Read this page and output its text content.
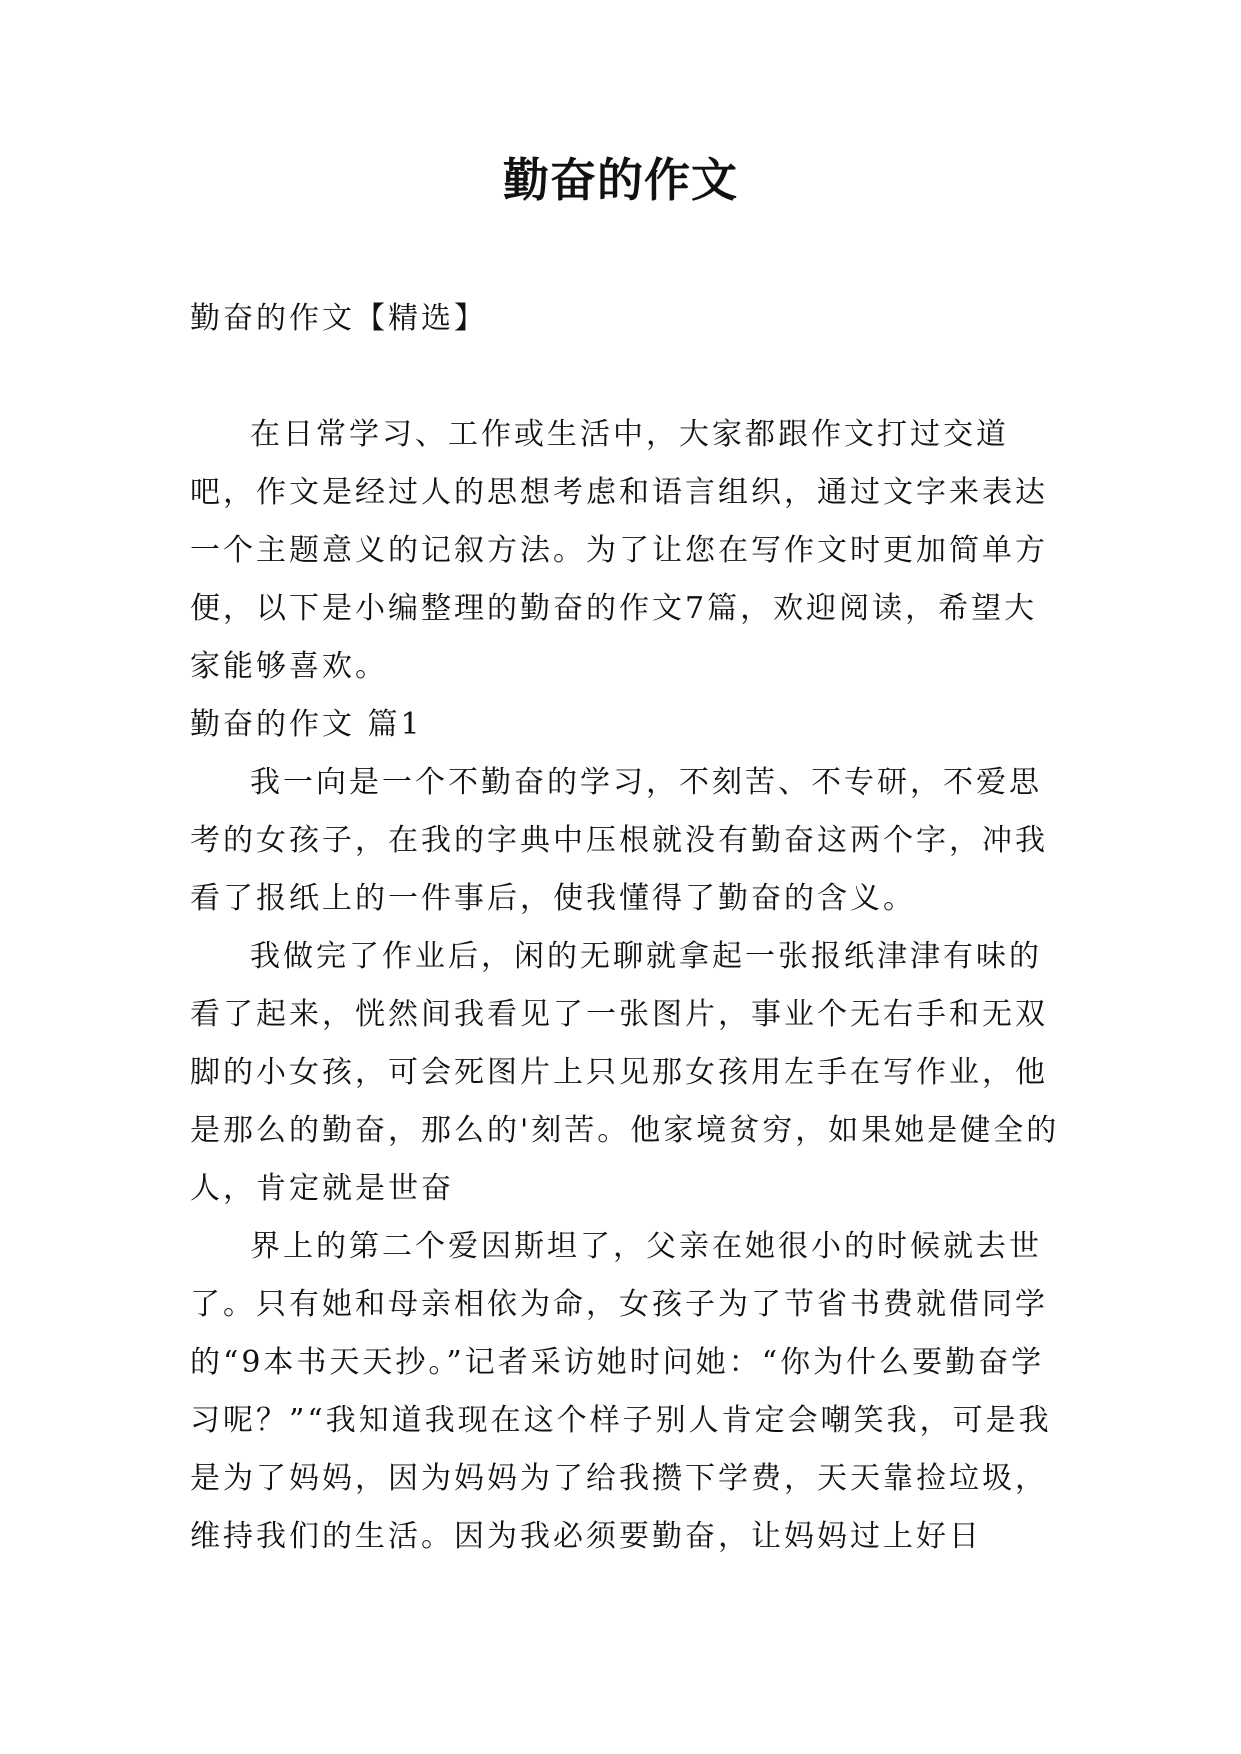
勤奋的作文

勤奋的作文【精选】

在日常学习、工作或生活中，大家都跟作文打过交道吧，作文是经过人的思想考虑和语言组织，通过文字来表达一个主题意义的记叙方法。为了让您在写作文时更加简单方便，以下是小编整理的勤奋的作文7篇，欢迎阅读，希望大家能够喜欢。

勤奋的作文 篇1

我一向是一个不勤奋的学习，不刻苦、不专研，不爱思考的女孩子，在我的字典中压根就没有勤奋这两个字，冲我看了报纸上的一件事后，使我懂得了勤奋的含义。

我做完了作业后，闲的无聊就拿起一张报纸津津有味的看了起来，恍然间我看见了一张图片，事业个无右手和无双脚的小女孩，可会死图片上只见那女孩用左手在写作业，他是那么的勤奋，那么的'刻苦。他家境贫穷，如果她是健全的人，肯定就是世奋

界上的第二个爱因斯坦了，父亲在她很小的时候就去世了。只有她和母亲相依为命，女孩子为了节省书费就借同学的“9本书天天抄。”记者采访她时问她：“你为什么要勤奋学习呢？”“我知道我现在这个样子别人肯定会嘲笑我，可是我是为了妈妈，因为妈妈为了给我攒下学费，天天靠捡垃圾，维持我们的生活。因为我必须要勤奋，让妈妈过上好日
